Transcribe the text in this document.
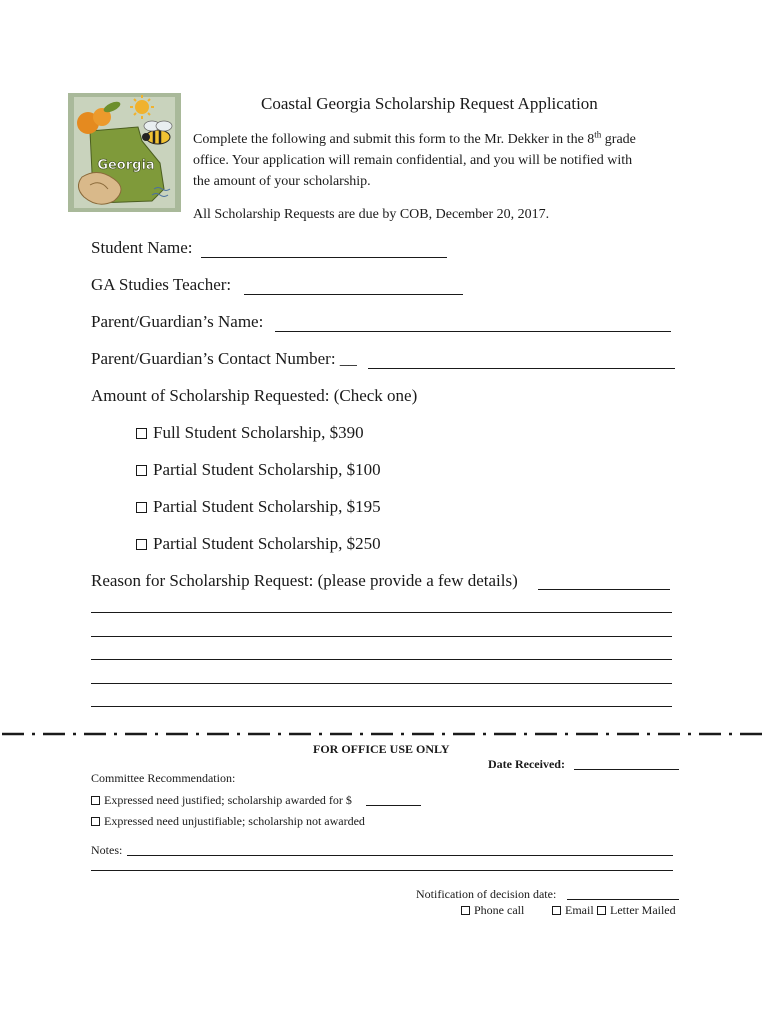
Georgia
Coastal Georgia Scholarship Request Application
Complete the following and submit this form to the Mr. Dekker in the 8th grade
office. Your application will remain confidential, and you will be notified with
the amount of your scholarship.
All Scholarship Requests are due by COB, December 20, 2017.
Student Name:
GA Studies Teacher:
Parent/Guardian’s Name:
Parent/Guardian’s Contact Number: __
Amount of Scholarship Requested: (Check one)
Full Student Scholarship, $390
Partial Student Scholarship, $100
Partial Student Scholarship, $195
Partial Student Scholarship, $250
Reason for Scholarship Request: (please provide a few details)
FOR OFFICE USE ONLY
Date Received:
Committee Recommendation:
Expressed need justified; scholarship awarded for $
Expressed need unjustifiable; scholarship not awarded
Notes:
Notification of decision date:
Phone call	Email	Letter Mailed
